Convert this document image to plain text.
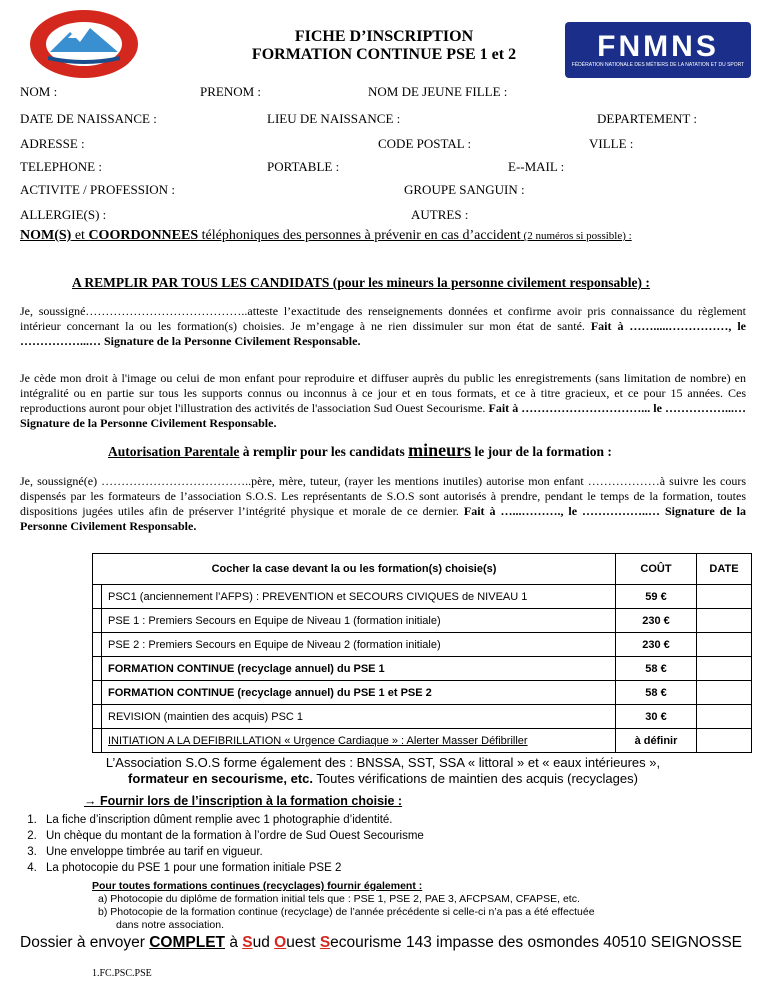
FNMNS
FÉDÉRATION NATIONALE DES MÉTIERS DE LA NATATION ET DU SPORT
FICHE D’INSCRIPTION
FORMATION CONTINUE PSE 1 et 2
NOM :	PRENOM :	NOM DE JEUNE FILLE :
DATE DE NAISSANCE :	LIEU DE NAISSANCE :	DEPARTEMENT :
ADRESSE :	CODE POSTAL :	VILLE :
TELEPHONE :	PORTABLE :	E--MAIL :
ACTIVITE / PROFESSION :	GROUPE SANGUIN :
ALLERGIE(S) :	AUTRES :
NOM(S) et COORDONNEES téléphoniques des personnes à prévenir en cas d’accident (2 numéros si possible) :
A REMPLIR PAR TOUS LES CANDIDATS (pour les mineurs la personne civilement responsable) :
Je, soussigné…………………………………..atteste l’exactitude des renseignements données et confirme avoir pris connaissance du règlement intérieur concernant la ou les formation(s) choisies. Je m’engage à ne rien dissimuler sur mon état de santé. Fait à …….....……………, le ……………...… Signature de la Personne Civilement Responsable.
Je cède mon droit à l'image ou celui de mon enfant pour reproduire et diffuser auprès du public les enregistrements (sans limitation de nombre) en intégralité ou en partie sur tous les supports connus ou inconnus à ce jour et en tous formats, et ce à titre gracieux, et ce pour 15 années. Ces reproductions auront pour objet l'illustration des activités de l'association Sud Ouest Secourisme. Fait à …………………………... le ……………...… Signature de la Personne Civilement Responsable.
Autorisation Parentale à remplir pour les candidats mineurs le jour de la formation :
Je, soussigné(e) ………………………………..père, mère, tuteur, (rayer les mentions inutiles) autorise mon enfant ………………à suivre les cours dispensés par les formateurs de l’association S.O.S. Les représentants de S.O.S sont autorisés à prendre, pendant le temps de la formation, toutes dispositions jugées utiles afin de préserver l’intégrité physique et morale de ce dernier. Fait à …...………., le ……………..… Signature de la Personne Civilement Responsable.
Cocher la case devant la ou les formation(s) choisie(s)		COÛT	DATE
	PSC1 (anciennement l’AFPS) : PREVENTION et SECOURS CIVIQUES de NIVEAU 1	59 €	
	PSE 1 : Premiers Secours en Equipe de Niveau 1 (formation initiale)	230 €	
	PSE 2 : Premiers Secours en Equipe de Niveau 2 (formation initiale)	230 €	
	FORMATION CONTINUE (recyclage annuel) du PSE 1	58 €	
	FORMATION CONTINUE (recyclage annuel) du PSE 1 et PSE 2	58 €	
	REVISION (maintien des acquis) PSC 1	30 €	
	INITIATION A LA DEFIBRILLATION « Urgence Cardiaque » : Alerter Masser Défibriller	à définir	
L’Association S.O.S forme également des : BNSSA, SST, SSA « littoral » et « eaux intérieures »,
formateur en secourisme, etc. Toutes vérifications de maintien des acquis (recyclages)
→ Fournir lors de l’inscription à la formation choisie :
1. La fiche d’inscription dûment remplie avec 1 photographie d’identité.
2. Un chèque du montant de la formation à l’ordre de Sud Ouest Secourisme
3. Une enveloppe timbrée au tarif en vigueur.
4. La photocopie du PSE 1 pour une formation initiale PSE 2
Pour toutes formations continues (recyclages) fournir également :
a) Photocopie du diplôme de formation initial tels que : PSE 1, PSE 2, PAE 3, AFCPSAM, CFAPSE, etc.
b) Photocopie de la formation continue (recyclage) de l’année précédente si celle-ci n’a pas a été effectuée
dans notre association.
Dossier à envoyer COMPLET à Sud Ouest Secourisme 143 impasse des osmondes 40510 SEIGNOSSE
1.FC.PSC.PSE
